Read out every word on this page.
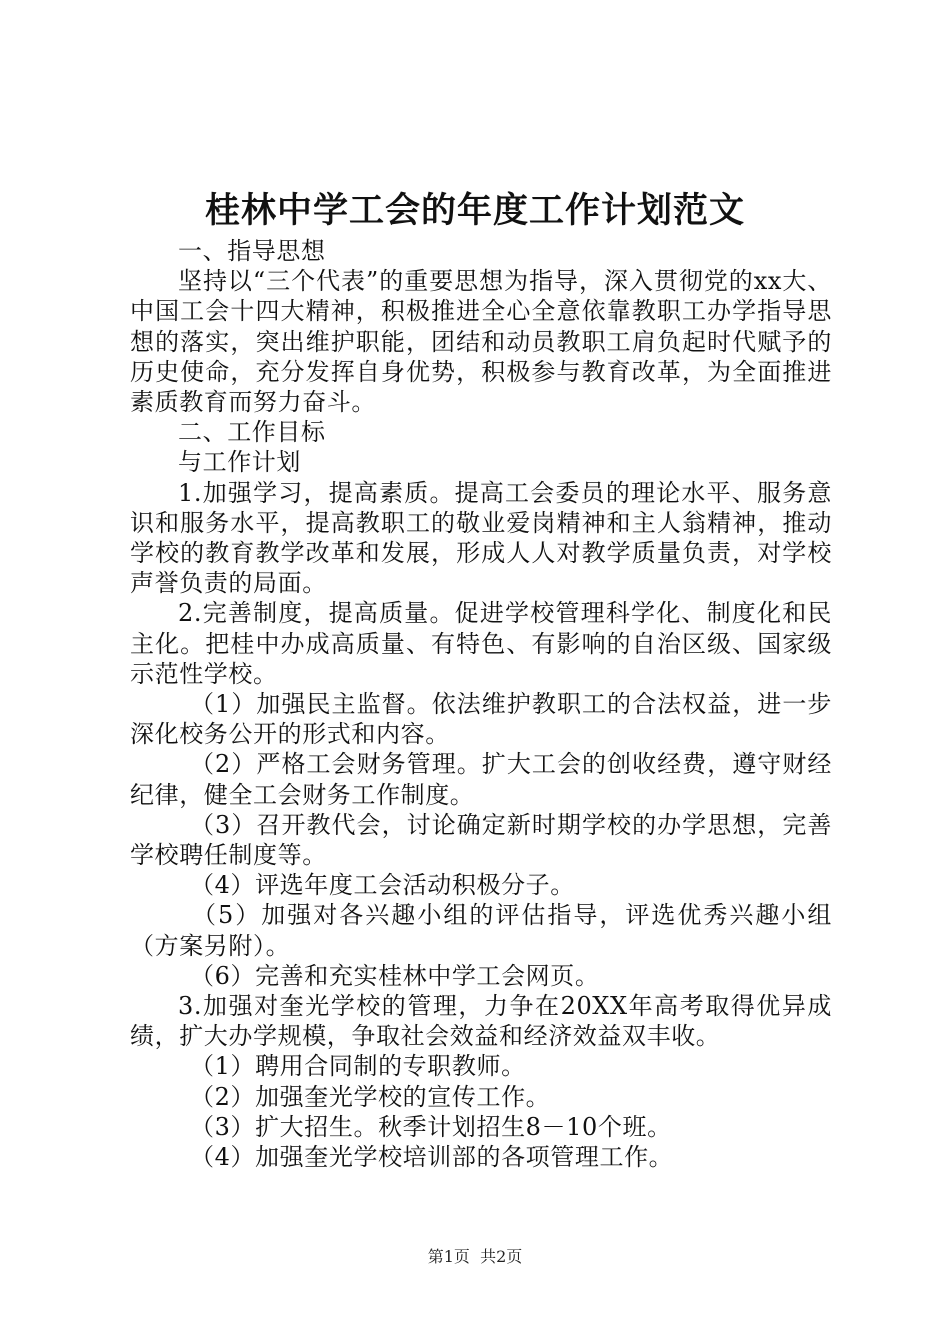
桂林中学工会的年度工作计划范文

一、指导思想

坚持以“三个代表”的重要思想为指导，深入贯彻党的xx大、中国工会十四大精神，积极推进全心全意依靠教职工办学指导思想的落实，突出维护职能，团结和动员教职工肩负起时代赋予的历史使命，充分发挥自身优势，积极参与教育改革，为全面推进素质教育而努力奋斗。

二、工作目标

与工作计划

1.加强学习，提高素质。提高工会委员的理论水平、服务意识和服务水平，提高教职工的敬业爱岗精神和主人翁精神，推动学校的教育教学改革和发展，形成人人对教学质量负责，对学校声誉负责的局面。

2.完善制度，提高质量。促进学校管理科学化、制度化和民主化。把桂中办成高质量、有特色、有影响的自治区级、国家级示范性学校。

（1）加强民主监督。依法维护教职工的合法权益，进一步深化校务公开的形式和内容。

（2）严格工会财务管理。扩大工会的创收经费，遵守财经纪律，健全工会财务工作制度。

（3）召开教代会，讨论确定新时期学校的办学思想，完善学校聘任制度等。

（4）评选年度工会活动积极分子。

（5）加强对各兴趣小组的评估指导，评选优秀兴趣小组（方案另附）。

（6）完善和充实桂林中学工会网页。

3.加强对奎光学校的管理，力争在20XX年高考取得优异成绩，扩大办学规模，争取社会效益和经济效益双丰收。

（1）聘用合同制的专职教师。

（2）加强奎光学校的宣传工作。

（3）扩大招生。秋季计划招生8－10个班。

（4）加强奎光学校培训部的各项管理工作。

第1页  共2页
